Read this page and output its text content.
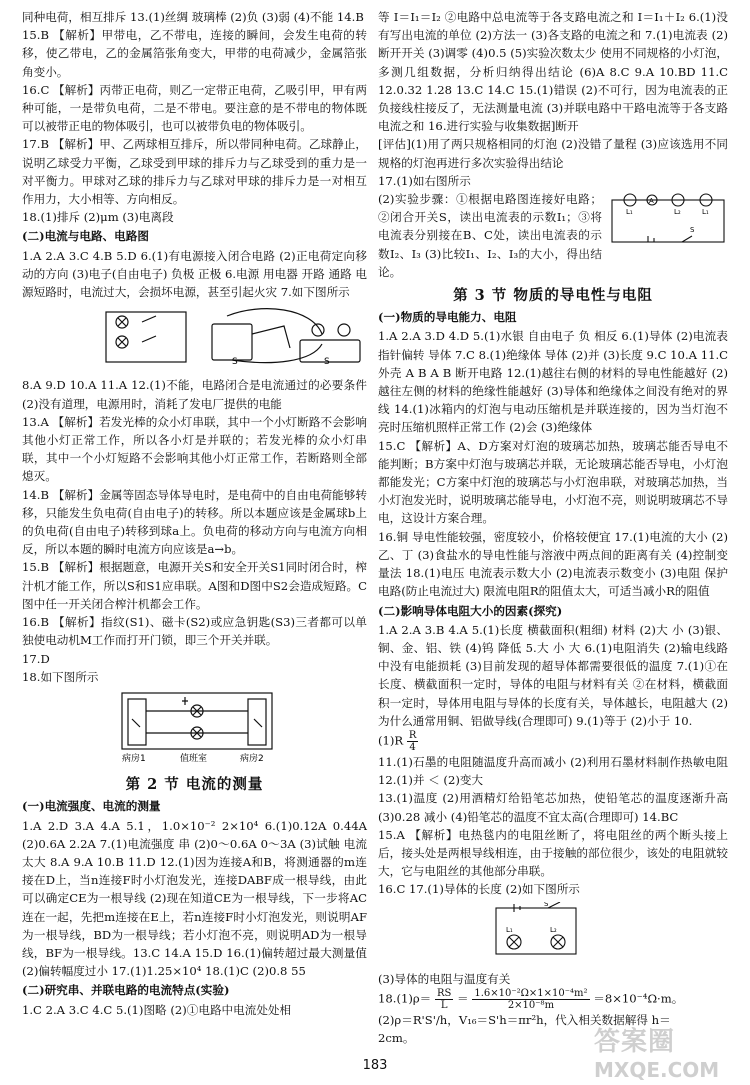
同种电荷，相互排斥 13.(1)丝绸 玻璃棒 (2)负 (3)弱 (4)不能 14.B

15.B 【解析】甲带电，乙不带电，连接的瞬间，会发生电荷的转移，使乙带电，乙的金属箔张角变大，甲带的电荷减少，金属箔张角变小。

16.C 【解析】丙带正电荷，则乙一定带正电荷，乙吸引甲，甲有两种可能，一是带负电荷，二是不带电。要注意的是不带电的物体既可以被带正电的物体吸引，也可以被带负电的物体吸引。

17.B 【解析】甲、乙两球相互排斥，所以带同种电荷。乙球静止，说明乙球受力平衡，乙球受到甲球的排斥力与乙球受到的重力是一对平衡力。甲球对乙球的排斥力与乙球对甲球的排斥力是一对相互作用力，大小相等、方向相反。

18.(1)排斥 (2)μm (3)电离段

(二)电流与电路、电路图

1.A 2.A 3.C 4.B 5.D 6.(1)有电源接入闭合电路 (2)正电荷定向移动的方向 (3)电子(自由电子) 负极 正极 6.电源 用电器 开路 通路 电源短路时，电流过大，会损坏电源，甚至引起火灾 7.如下图所示

S	S

8.A 9.D 10.A 11.A 12.(1)不能，电路闭合是电流通过的必要条件 (2)没有道理，电源用时，消耗了发电厂提供的电能

13.A 【解析】若发光棒的众小灯串联，其中一个小灯断路不会影响其他小灯正常工作，所以各小灯是并联的；若发光棒的众小灯串联，其中一个小灯短路不会影响其他小灯正常工作，若断路则全部熄灭。

14.B 【解析】金属等固态导体导电时，是电荷中的自由电荷能够转移，只能发生负电荷(自由电子)的转移。所以本题应该是金属球b上的负电荷(自由电子)转移到球a上。负电荷的移动方向与电流方向相反，所以本题的瞬时电流方向应该是a→b。

15.B 【解析】根据题意，电源开关S和安全开关S1同时闭合时，榨汁机才能工作，所以S和S1应串联。A图和D图中S2会造成短路。C图中任一开关闭合榨汁机都会工作。

16.B 【解析】指纹(S1)、磁卡(S2)或应急钥匙(S3)三者都可以单独使电动机M工作而打开门锁，即三个开关并联。

17.D

18.如下图所示

病房1	值班室	病房2

第 2 节 电流的测量

(一)电流强度、电流的测量

1.A 2.D 3.A 4.A 5.1，1.0×10⁻² 2×10⁴ 6.(1)0.12A 0.44A (2)0.6A 2.2A 7.(1)电流强度 串 (2)0～0.6A 0～3A (3)试触 电流太大 8.A 9.A 10.B 11.D 12.(1)因为连接A和B，将测通器的m连接在D上，当n连接F时小灯泡发光，连接DABF成一根导线，由此可以确定CE为一根导线 (2)现在知道CE为一根导线，下一步将AC连在一起，先把m连接在E上，若n连接F时小灯泡发光，则说明AF为一根导线，BD为一根导线；若小灯泡不亮，则说明AD为一根导线，BF为一根导线。13.C 14.A 15.D 16.(1)偏转超过最大测量值 (2)偏转幅度过小 17.(1)1.25×10⁴ 18.(1)C (2)0.8 55

(二)研究串、并联电路的电流特点(实验)

1.C 2.A 3.C 4.C 5.(1)图略 (2)①电路中电流处处相

等 I＝I₁＝I₂ ②电路中总电流等于各支路电流之和 I＝I₁＋I₂ 6.(1)没有写出电流的单位 (2)方法一 (3)各支路的电流之和 7.(1)电流表 (2)断开开关 (3)调零 (4)0.5 (5)实验次数太少 使用不同规格的小灯泡，多测几组数据，分析归纳得出结论 (6)A 8.C 9.A 10.BD 11.C 12.0.32 1.28 13.C 14.C 15.(1)错误 (2)不可行，因为电流表的正负接线柱接反了，无法测量电流 (3)并联电路中干路电流等于各支路电流之和 16.进行实验与收集数据]断开

[评估](1)用了两只规格相同的灯泡 (2)没错了量程 (3)应该选用不同规格的灯泡再进行多次实验得出结论

17.(1)如右图所示

A
L₁	L₂	L₁
S

(2)实验步骤：①根据电路图连接好电路；②闭合开关S，读出电流表的示数I₁；③将电流表分别接在B、C处，读出电流表的示数I₂、I₃ (3)比较I₁、I₂、I₃的大小，得出结论。

第 3 节 物质的导电性与电阻

(一)物质的导电能力、电阻

1.A 2.A 3.D 4.D 5.(1)水银 自由电子 负 相反 6.(1)导体 (2)电流表指针偏转 导体 7.C 8.(1)绝缘体 导体 (2)并 (3)长度 9.C 10.A 11.C 外壳 A B A B 断开电路 12.(1)越往右侧的材料的导电性能越好 (2)越往左侧的材料的绝缘性能越好 (3)导体和绝缘体之间没有绝对的界线 14.(1)冰箱内的灯泡与电动压缩机是并联连接的，因为当灯泡不亮时压缩机照样正常工作 (2)会 (3)绝缘体

15.C 【解析】A、D方案对灯泡的玻璃芯加热，玻璃芯能否导电不能判断；B方案中灯泡与玻璃芯并联，无论玻璃芯能否导电，小灯泡都能发光；C方案中灯泡的玻璃芯与小灯泡串联，对玻璃芯加热，当小灯泡发光时，说明玻璃芯能导电，小灯泡不亮，则说明玻璃芯不导电，这设计方案合理。

16.铜 导电性能较强，密度较小，价格较便宜 17.(1)电流的大小 (2)乙、丁 (3)食盐水的导电性能与溶液中两点间的距离有关 (4)控制变量法 18.(1)电压 电流表示数大小 (2)电流表示数变小 (3)电阻 保护电路(防止电流过大) 限流电阻R的阻值太大，可适当减小R的阻值

(二)影响导体电阻大小的因素(探究)

1.A 2.A 3.B 4.A 5.(1)长度 横截面积(粗细) 材料 (2)大 小 (3)银、铜、金、铝、铁 (4)钨 降低 5.大 小 大 6.(1)电阻消失 (2)输电线路中没有电能损耗 (3)目前发现的超导体都需要很低的温度 7.(1)①在长度、横截面积一定时，导体的电阻与材料有关 ②在材料，横截面积一定时，导体用电阻与导体的长度有关，导体越长，电阻越大 (2)为什么通常用铜、铝做导线(合理即可) 9.(1)等于 (2)小于 10.

$(1)R \frac{R}{4}$

11.(1)石墨的电阻随温度升高而减小 (2)利用石墨材料制作热敏电阻 12.(1)并 ＜ (2)变大

13.(1)温度 (2)用酒精灯给铅笔芯加热，使铅笔芯的温度逐渐升高 (3)0.28 减小 (4)铅笔芯的温度不宜太高(合理即可) 14.BC

15.A 【解析】电热毯内的电阻丝断了，将电阻丝的两个断头接上后，接头处是两根导线相连，由于接触的部位很少，该处的电阻就较大，它与电阻丝的其他部分串联。

16.C 17.(1)导体的长度 (2)如下图所示

S
L₁	L₂

(3)导体的电阻与温度有关

$18.(1)\rho= \frac{RS}{L} = \frac{\text{1.6×10⁻²Ω×1×10⁻⁴m²}}{\text{2×10⁻⁸m}} =8\times 10^{-4}\Omega\cdot m$。

(2)ρ＝R'S'/h，V₁₆＝S'h＝πr²h，代入相关数据解得 h＝

2cm。

183
答案圈
MXQE.COM
